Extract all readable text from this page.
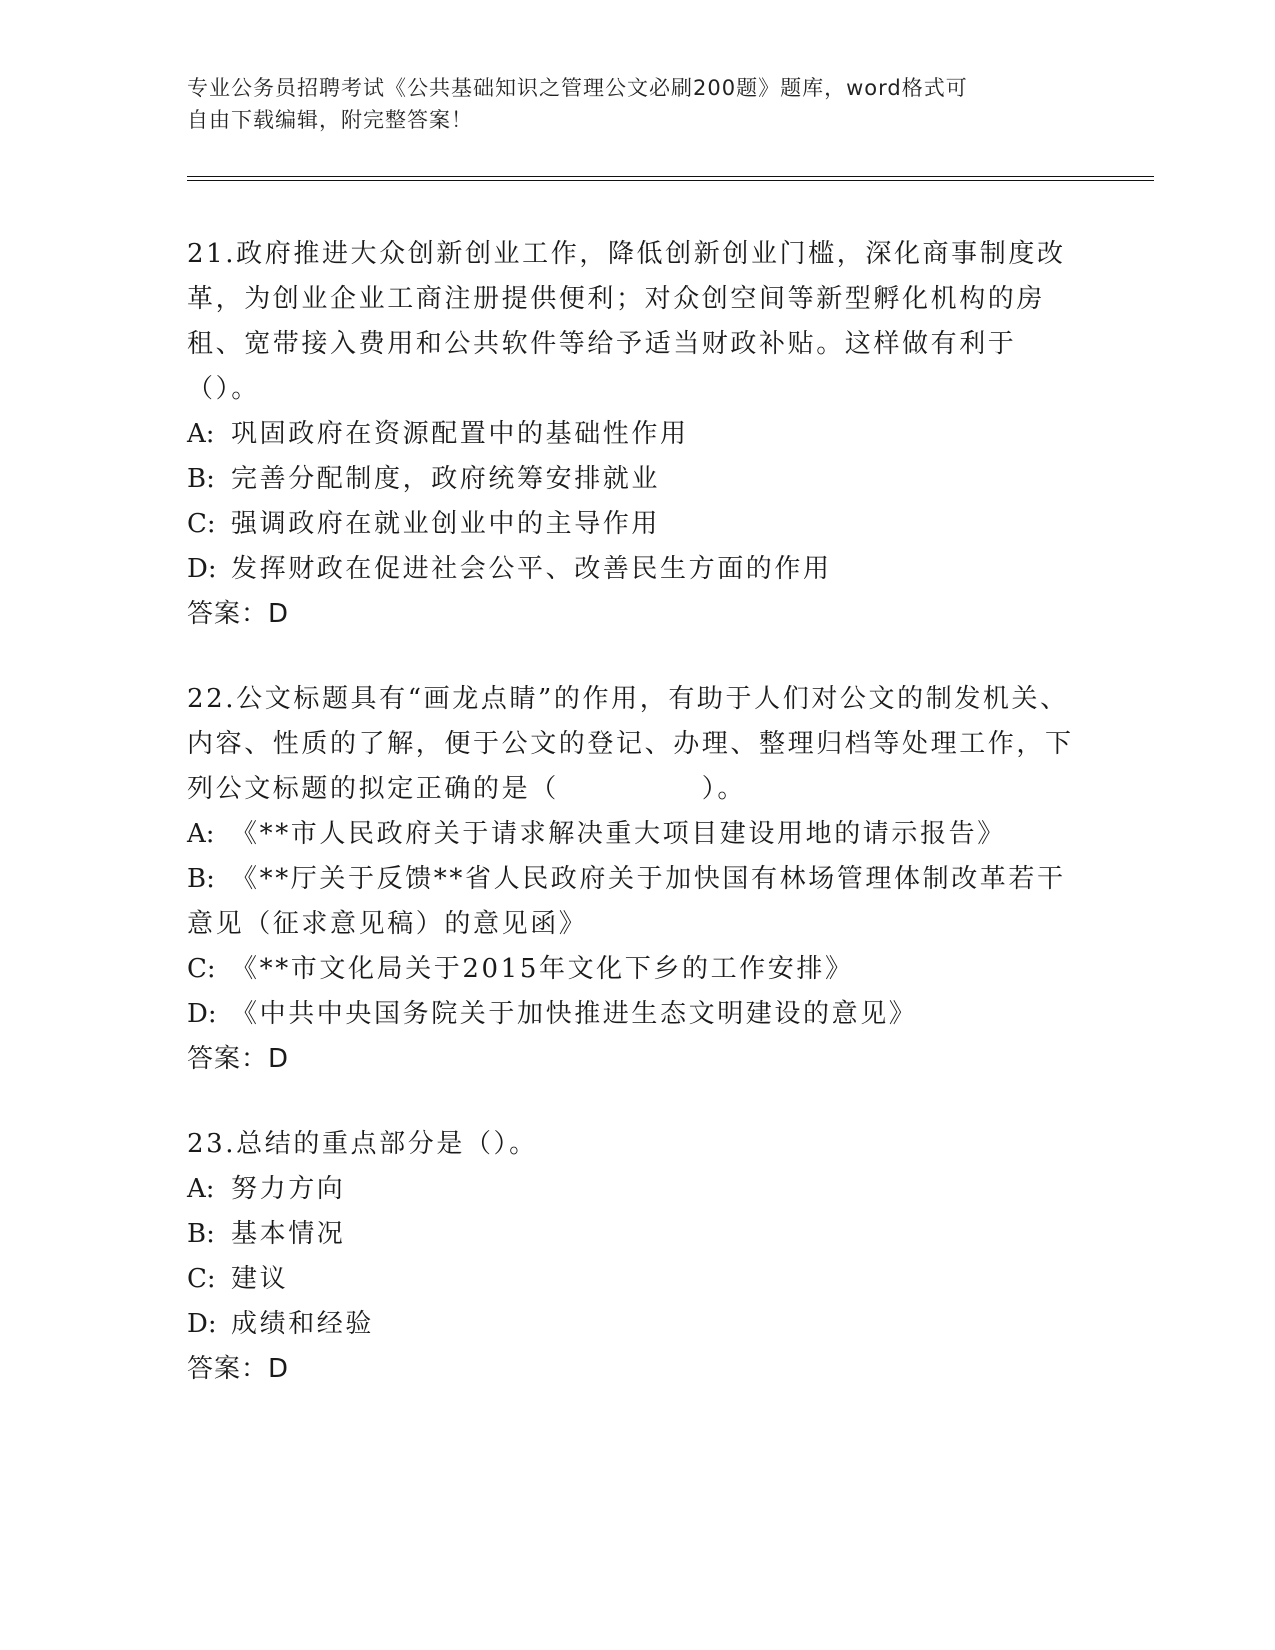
专业公务员招聘考试《公共基础知识之管理公文必刷200题》题库，word格式可
自由下载编辑，附完整答案！
21.政府推进大众创新创业工作，降低创新创业门槛，深化商事制度改革，为创业企业工商注册提供便利；对众创空间等新型孵化机构的房租、宽带接入费用和公共软件等给予适当财政补贴。这样做有利于（）。
A: 巩固政府在资源配置中的基础性作用
B: 完善分配制度，政府统筹安排就业
C: 强调政府在就业创业中的主导作用
D: 发挥财政在促进社会公平、改善民生方面的作用
答案：D
22.公文标题具有“画龙点睛”的作用，有助于人们对公文的制发机关、内容、性质的了解，便于公文的登记、办理、整理归档等处理工作，下列公文标题的拟定正确的是（　　　　　）。
A: 《**市人民政府关于请求解决重大项目建设用地的请示报告》
B: 《**厅关于反馈**省人民政府关于加快国有林场管理体制改革若干意见（征求意见稿）的意见函》
C: 《**市文化局关于2015年文化下乡的工作安排》
D: 《中共中央国务院关于加快推进生态文明建设的意见》
答案：D
23.总结的重点部分是（）。
A: 努力方向
B: 基本情况
C: 建议
D: 成绩和经验
答案：D
